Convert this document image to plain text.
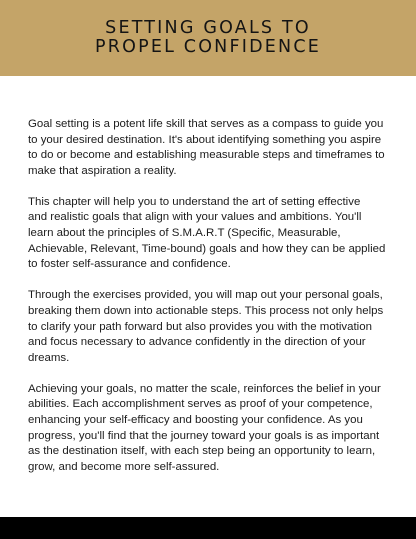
SETTING GOALS TO
PROPEL CONFIDENCE

Goal setting is a potent life skill that serves as a compass to guide you
to your desired destination. It's about identifying something you aspire
to do or become and establishing measurable steps and timeframes to
make that aspiration a reality.

This chapter will help you to understand the art of setting effective
and realistic goals that align with your values and ambitions. You'll
learn about the principles of S.M.A.R.T (Specific, Measurable,
Achievable, Relevant, Time-bound) goals and how they can be applied
to foster self-assurance and confidence.

Through the exercises provided, you will map out your personal goals,
breaking them down into actionable steps. This process not only helps
to clarify your path forward but also provides you with the motivation
and focus necessary to advance confidently in the direction of your
dreams.

Achieving your goals, no matter the scale, reinforces the belief in your
abilities. Each accomplishment serves as proof of your competence,
enhancing your self-efficacy and boosting your confidence. As you
progress, you'll find that the journey toward your goals is as important
as the destination itself, with each step being an opportunity to learn,
grow, and become more self-assured.
